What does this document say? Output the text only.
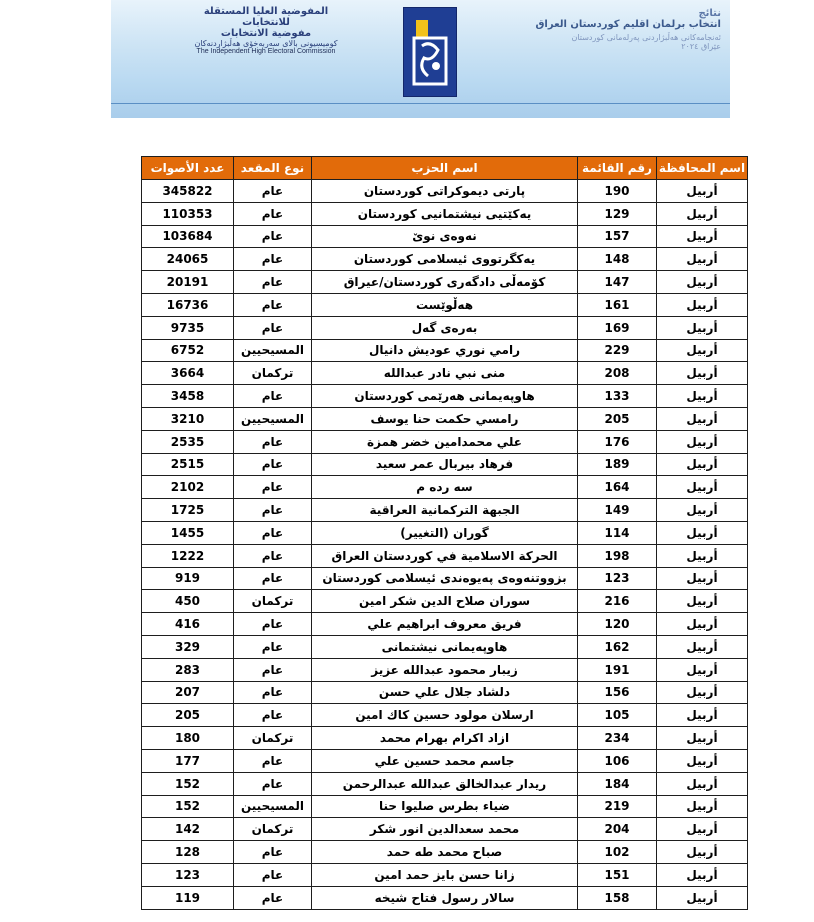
المفوضية العليا المستقلة للانتخابات
مفوضية الانتخابات
كوميسيونى بالاى سەربەخۆى هەڵبژاردنەكان
The Independent High Electoral Commission
نتائج
انتخاب برلمان اقليم كوردستان العراق
ئەنجامەكانى هەڵبژاردنى پەرلەمانى كوردستان
عێراق ٢٠٢٤
اسم المحافظة	رقم القائمة	اسم الحزب	نوع المقعد	عدد الأصوات
أربيل	190	پارتی دیموکراتی کوردستان	عام	345822
أربيل	129	يەكێتيى نيشتمانيى كوردستان	عام	110353
أربيل	157	نەوەى نوێ	عام	103684
أربيل	148	يەكگرتووى ئيسلامى كوردستان	عام	24065
أربيل	147	كۆمەڵى دادگەرى كوردستان/عيراق	عام	20191
أربيل	161	هەڵوێست	عام	16736
أربيل	169	بەرەى گەل	عام	9735
أربيل	229	رامي نوري عوديش دانيال	المسيحيين	6752
أربيل	208	منى نبي نادر عبدالله	تركمان	3664
أربيل	133	هاوپەيمانى هەرێمى كوردستان	عام	3458
أربيل	205	رامسي حكمت حنا يوسف	المسيحيين	3210
أربيل	176	علي محمدامين خضر همزة	عام	2535
أربيل	189	فرهاد بيربال عمر سعيد	عام	2515
أربيل	164	سه رده م	عام	2102
أربيل	149	الجبهة التركمانية العراقية	عام	1725
أربيل	114	گوران (التغيير)	عام	1455
أربيل	198	الحركة الاسلامية في كوردستان العراق	عام	1222
أربيل	123	بزووتنەوەى پەيوەندى ئيسلامى كوردستان	عام	919
أربيل	216	سوران صلاح الدين شكر امين	تركمان	450
أربيل	120	فريق معروف ابراهيم علي	عام	416
أربيل	162	هاوپەيمانى نيشتمانى	عام	329
أربيل	191	زيبار محمود عبدالله عزيز	عام	283
أربيل	156	دلشاد جلال علي حسن	عام	207
أربيل	105	ارسلان مولود حسين كاك امين	عام	205
أربيل	234	ازاد اكرام بهرام محمد	تركمان	180
أربيل	106	جاسم محمد حسين علي	عام	177
أربيل	184	ريدار عبدالخالق عبدالله عبدالرحمن	عام	152
أربيل	219	ضياء بطرس صليوا حنا	المسيحيين	152
أربيل	204	محمد سعدالدين انور شكر	تركمان	142
أربيل	102	صباح محمد طه حمد	عام	128
أربيل	151	زانا حسن بايز حمد امين	عام	123
أربيل	158	سالار رسول فتاح شيخه	عام	119
